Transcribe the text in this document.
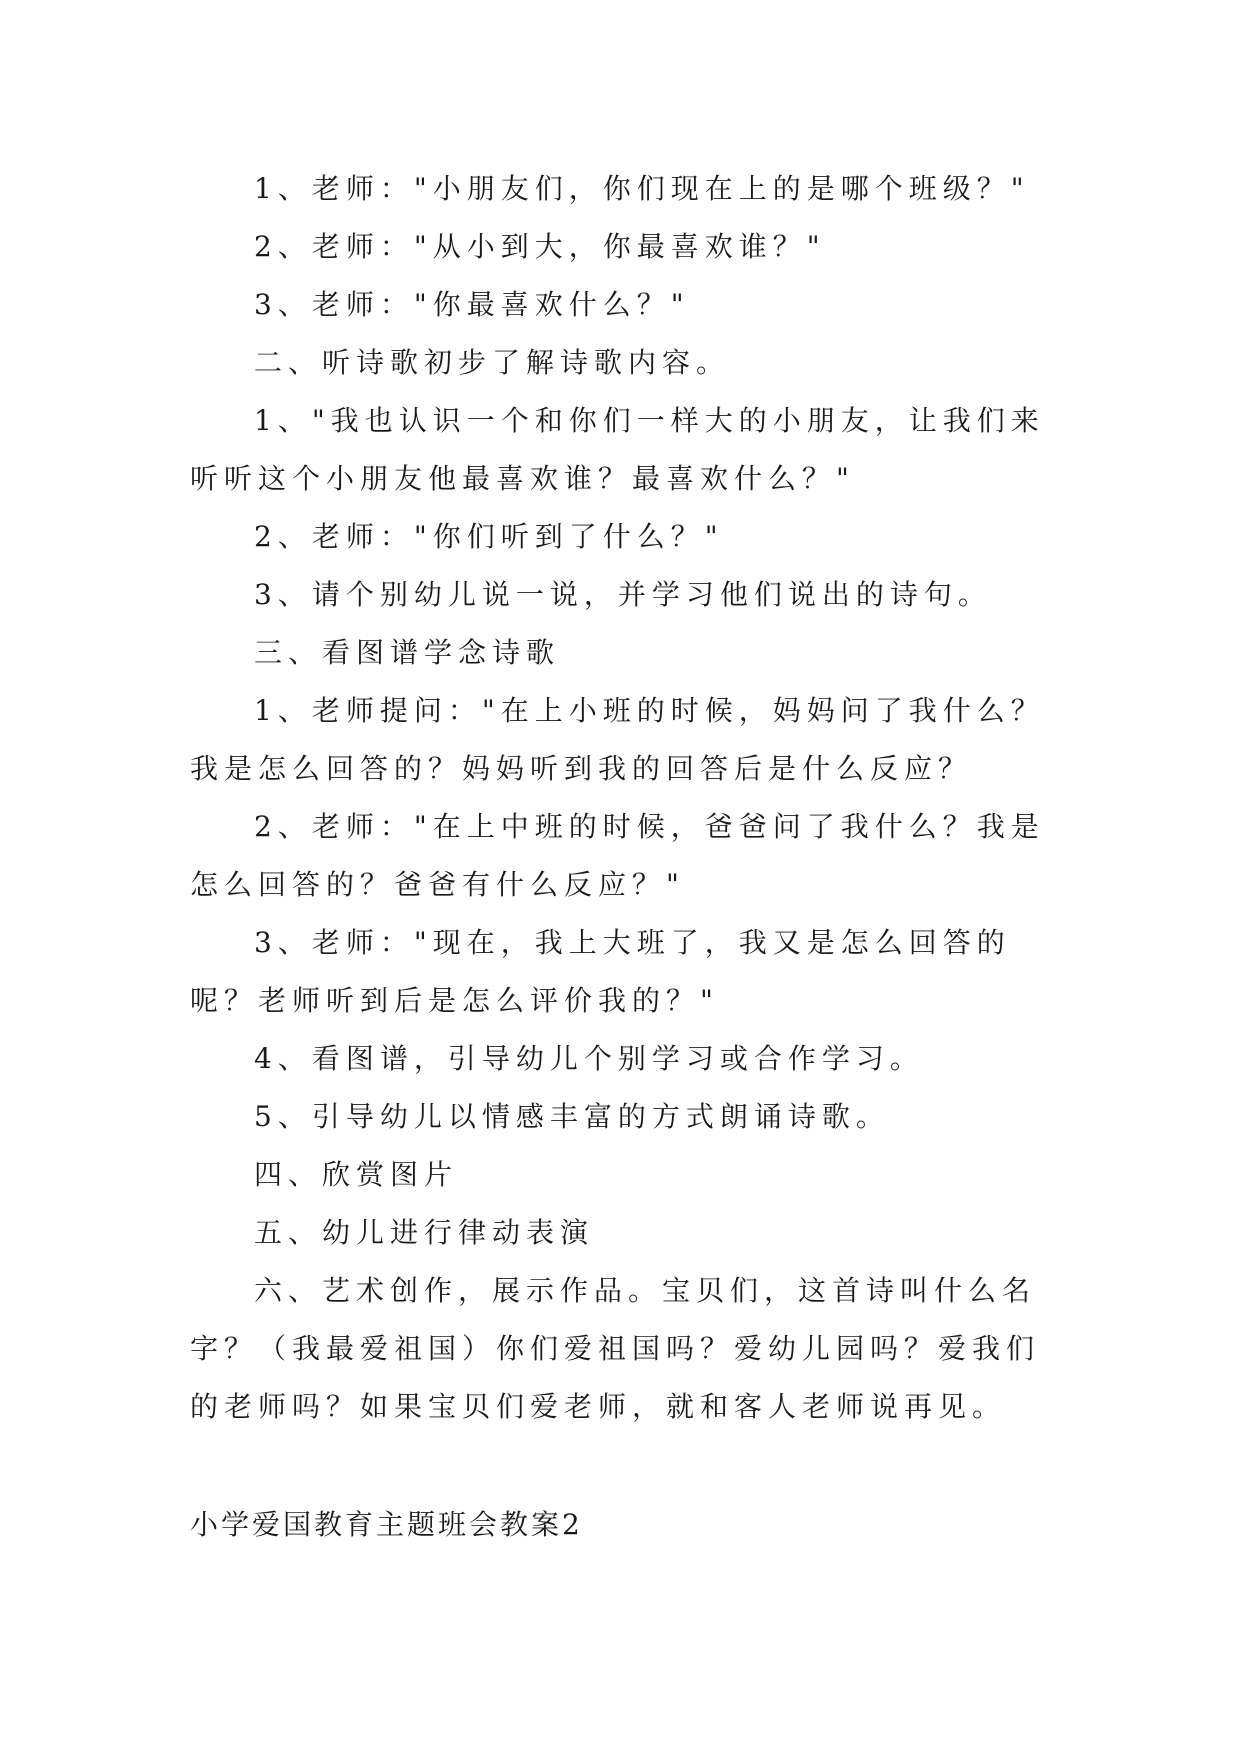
1、老师："小朋友们，你们现在上的是哪个班级？"

2、老师："从小到大，你最喜欢谁？"

3、老师："你最喜欢什么？"

二、听诗歌初步了解诗歌内容。

1、"我也认识一个和你们一样大的小朋友，让我们来听听这个小朋友他最喜欢谁？最喜欢什么？"

2、老师："你们听到了什么？"

3、请个别幼儿说一说，并学习他们说出的诗句。

三、看图谱学念诗歌

1、老师提问："在上小班的时候，妈妈问了我什么？我是怎么回答的？妈妈听到我的回答后是什么反应？

2、老师："在上中班的时候，爸爸问了我什么？我是怎么回答的？爸爸有什么反应？"

3、老师："现在，我上大班了，我又是怎么回答的呢？老师听到后是怎么评价我的？"

4、看图谱，引导幼儿个别学习或合作学习。

5、引导幼儿以情感丰富的方式朗诵诗歌。

四、欣赏图片

五、幼儿进行律动表演

六、艺术创作，展示作品。宝贝们，这首诗叫什么名字？（我最爱祖国）你们爱祖国吗？爱幼儿园吗？爱我们的老师吗？如果宝贝们爱老师，就和客人老师说再见。

小学爱国教育主题班会教案2
